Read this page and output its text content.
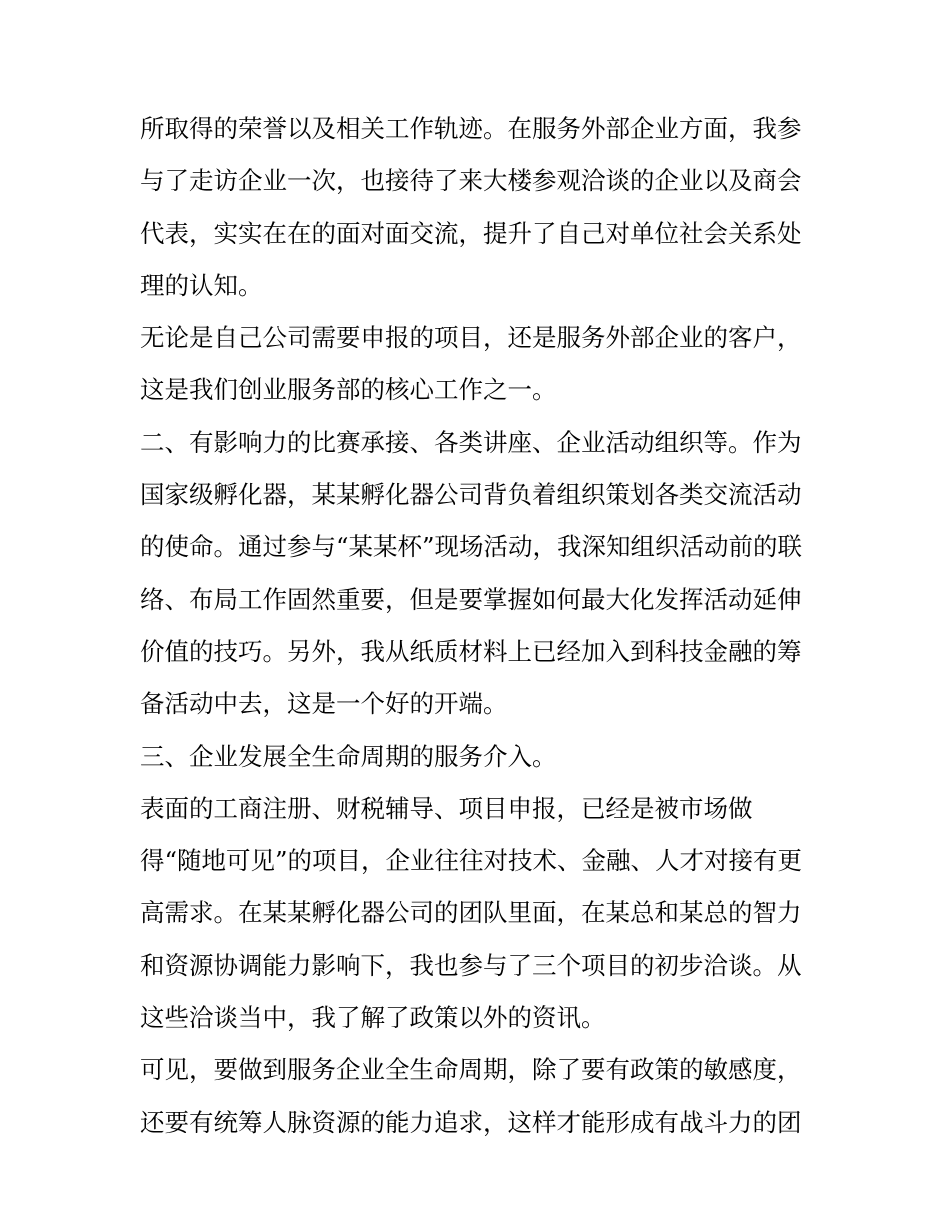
所取得的荣誉以及相关工作轨迹。在服务外部企业方面，我参
与了走访企业一次，也接待了来大楼参观洽谈的企业以及商会
代表，实实在在的面对面交流，提升了自己对单位社会关系处
理的认知。
无论是自己公司需要申报的项目，还是服务外部企业的客户，
这是我们创业服务部的核心工作之一。
二、有影响力的比赛承接、各类讲座、企业活动组织等。作为
国家级孵化器，某某孵化器公司背负着组织策划各类交流活动
的使命。通过参与“某某杯”现场活动，我深知组织活动前的联
络、布局工作固然重要，但是要掌握如何最大化发挥活动延伸
价值的技巧。另外，我从纸质材料上已经加入到科技金融的筹
备活动中去，这是一个好的开端。
三、企业发展全生命周期的服务介入。
表面的工商注册、财税辅导、项目申报，已经是被市场做
得“随地可见”的项目，企业往往对技术、金融、人才对接有更
高需求。在某某孵化器公司的团队里面，在某总和某总的智力
和资源协调能力影响下，我也参与了三个项目的初步洽谈。从
这些洽谈当中，我了解了政策以外的资讯。
可见，要做到服务企业全生命周期，除了要有政策的敏感度，
还要有统筹人脉资源的能力追求，这样才能形成有战斗力的团
